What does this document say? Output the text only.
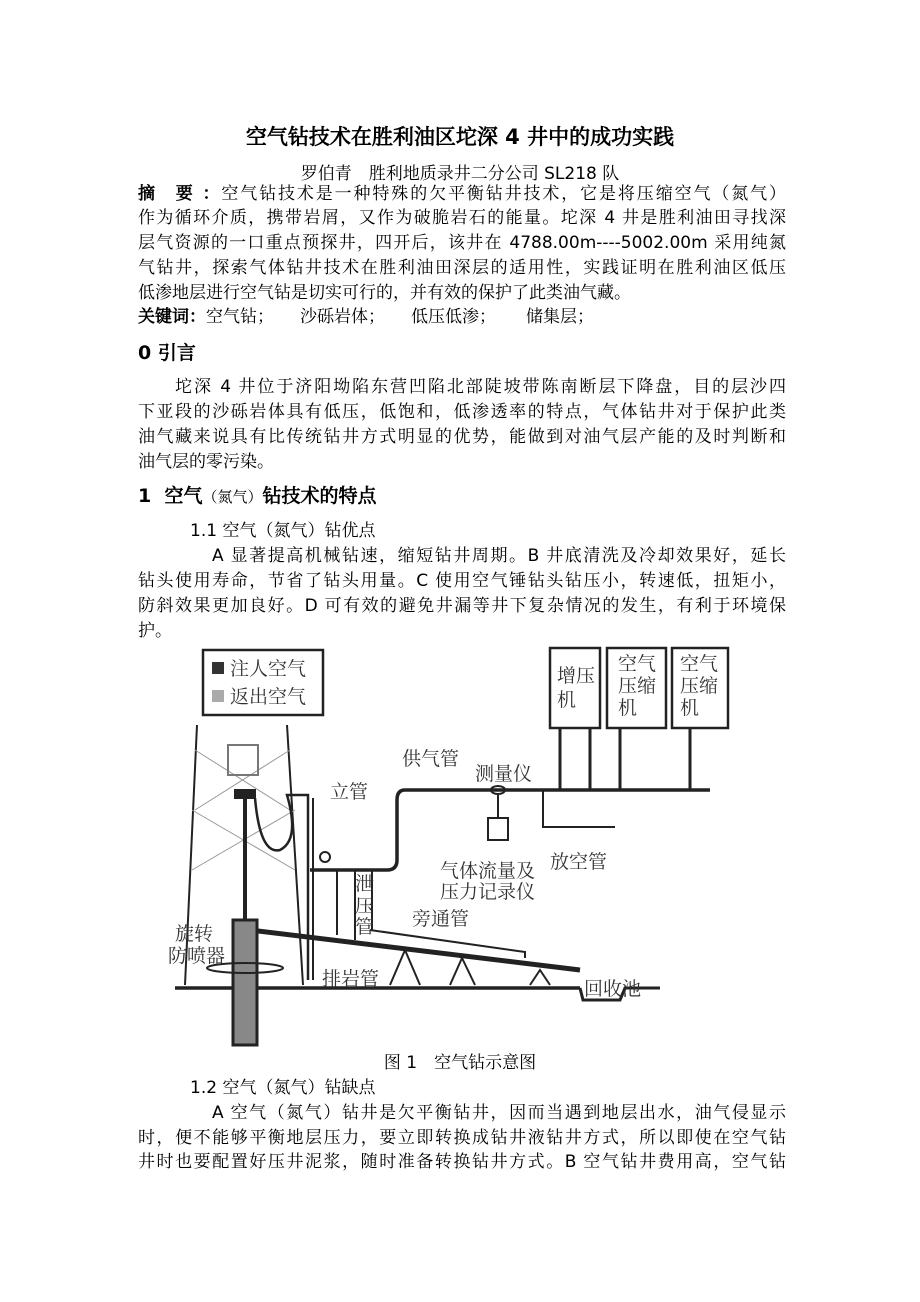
空气钻技术在胜利油区坨深 4 井中的成功实践
罗伯青　胜利地质录井二分公司 SL218 队
摘　要 ：空气钻技术是一种特殊的欠平衡钻井技术，它是将压缩空气（氮气）
作为循环介质，携带岩屑，又作为破脆岩石的能量。坨深 4 井是胜利油田寻找深
层气资源的一口重点预探井，四开后，该井在 4788.00m----5002.00m 采用纯氮
气钻井，探索气体钻井技术在胜利油田深层的适用性，实践证明在胜利油区低压
低渗地层进行空气钻是切实可行的，并有效的保护了此类油气藏。
关键词：空气钻； 沙砾岩体； 低压低渗； 储集层；
0 引言
坨深 4 井位于济阳坳陷东营凹陷北部陡坡带陈南断层下降盘，目的层沙四
下亚段的沙砾岩体具有低压，低饱和，低渗透率的特点，气体钻井对于保护此类
油气藏来说具有比传统钻井方式明显的优势，能做到对油气层产能的及时判断和
油气层的零污染。
1 空气（氮气）钻技术的特点
1.1 空气（氮气）钻优点
A 显著提高机械钻速，缩短钻井周期。B 井底清洗及冷却效果好，延长
钻头使用寿命，节省了钻头用量。C 使用空气锤钻头钻压小，转速低，扭矩小，
防斜效果更加良好。D 可有效的避免井漏等井下复杂情况的发生，有利于环境保
护。
注人空气
返出空气
增压
机
空气
压缩
机
空气
压缩
机
供气管
测量仪
立管
气体流量及
压力记录仪
放空管
泄
压
管 旁通管
旋转
防喷器
排岩管	回收池
图 1　空气钻示意图
1.2 空气（氮气）钻缺点
A 空气（氮气）钻井是欠平衡钻井，因而当遇到地层出水，油气侵显示
时，便不能够平衡地层压力，要立即转换成钻井液钻井方式，所以即使在空气钻
井时也要配置好压井泥浆，随时准备转换钻井方式。B 空气钻井费用高，空气钻
